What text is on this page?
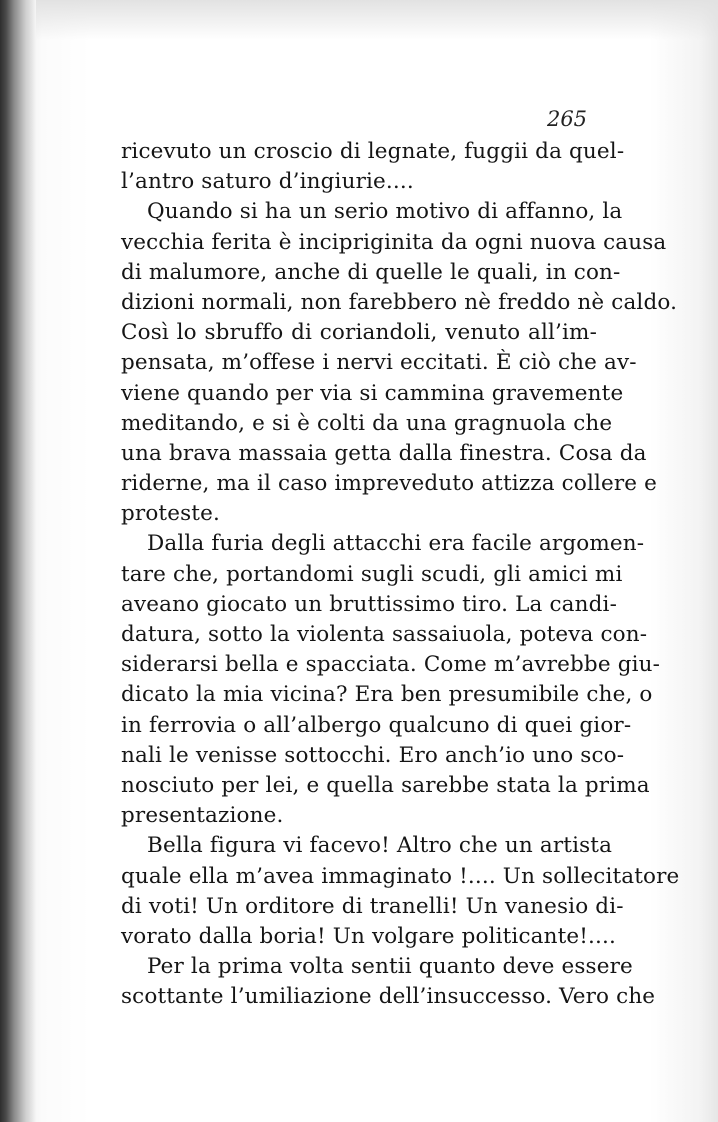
265
ricevuto un croscio di legnate, fuggii da quel-
l’antro saturo d’ingiurie....
Quando si ha un serio motivo di affanno, la
vecchia ferita è incipriginita da ogni nuova causa
di malumore, anche di quelle le quali, in con-
dizioni normali, non farebbero nè freddo nè caldo.
Così lo sbruffo di coriandoli, venuto all’im-
pensata, m’offese i nervi eccitati. È ciò che av-
viene quando per via si cammina gravemente
meditando, e si è colti da una gragnuola che
una brava massaia getta dalla finestra. Cosa da
riderne, ma il caso impreveduto attizza collere e
proteste.
Dalla furia degli attacchi era facile argomen-
tare che, portandomi sugli scudi, gli amici mi
aveano giocato un bruttissimo tiro. La candi-
datura, sotto la violenta sassaiuola, poteva con-
siderarsi bella e spacciata. Come m’avrebbe giu-
dicato la mia vicina? Era ben presumibile che, o
in ferrovia o all’albergo qualcuno di quei gior-
nali le venisse sottocchi. Ero anch’io uno sco-
nosciuto per lei, e quella sarebbe stata la prima
presentazione.
Bella figura vi facevo! Altro che un artista
quale ella m’avea immaginato !.... Un sollecitatore
di voti! Un orditore di tranelli! Un vanesio di-
vorato dalla boria! Un volgare politicante!....
Per la prima volta sentii quanto deve essere
scottante l’umiliazione dell’insuccesso. Vero che
